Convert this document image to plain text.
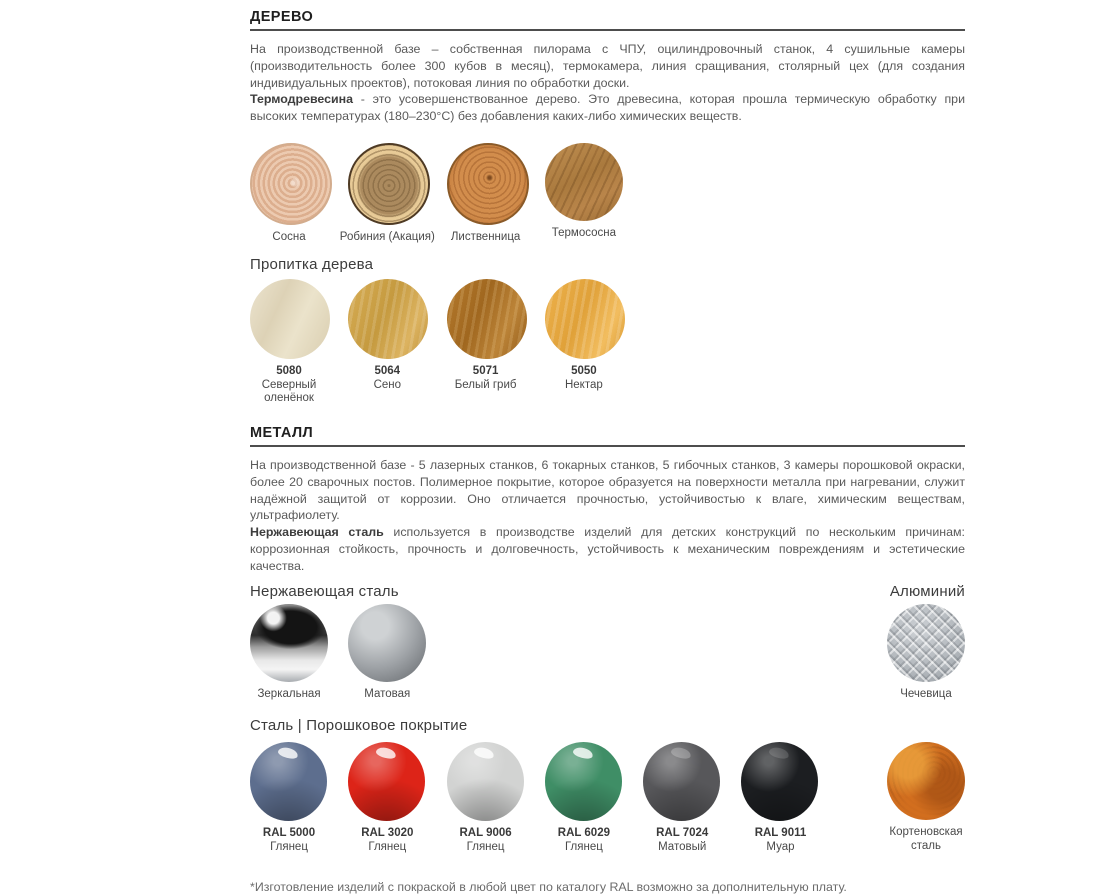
ДЕРЕВО

На производственной базе – собственная пилорама с ЧПУ, оцилиндровочный станок, 4 сушильные камеры (производительность более 300 кубов в месяц), термокамера, линия сращивания, столярный цех (для создания индивидуальных проектов), потоковая линия по обработки доски.

Термодревесина - это усовершенствованное дерево. Это древесина, которая прошла термическую обработку при высоких температурах (180–230°С) без добавления каких-либо химических веществ.

Сосна	Робиния (Акация)	Лиственница	Термососна
Пропитка дерева
5080
Северный
оленёнок
5064
Сено
5071
Белый гриб
5050
Нектар
МЕТАЛЛ

На производственной базе - 5 лазерных станков, 6 токарных станков, 5 гибочных станков, 3 камеры порошковой окраски, более 20 сварочных постов. Полимерное покрытие, которое образуется на поверхности металла при нагревании, служит надёжной защитой от коррозии. Оно отличается прочностью, устойчивостью к влаге, химическим веществам, ультрафиолету.

Нержавеющая сталь используется в производстве изделий для детских конструкций по нескольким причинам: коррозионная стойкость, прочность и долговечность, устойчивость к механическим повреждениям и эстетические качества.

Нержавеющая сталь	Алюминий
Зеркальная	Матовая	Чечевица
Сталь | Порошковое покрытие
RAL 5000
Глянец
RAL 3020
Глянец
RAL 9006
Глянец
RAL 6029
Глянец
RAL 7024
Матовый
RAL 9011
Муар
Кортеновская
сталь

*Изготовление изделий с покраской в любой цвет по каталогу RAL возможно за дополнительную плату.
